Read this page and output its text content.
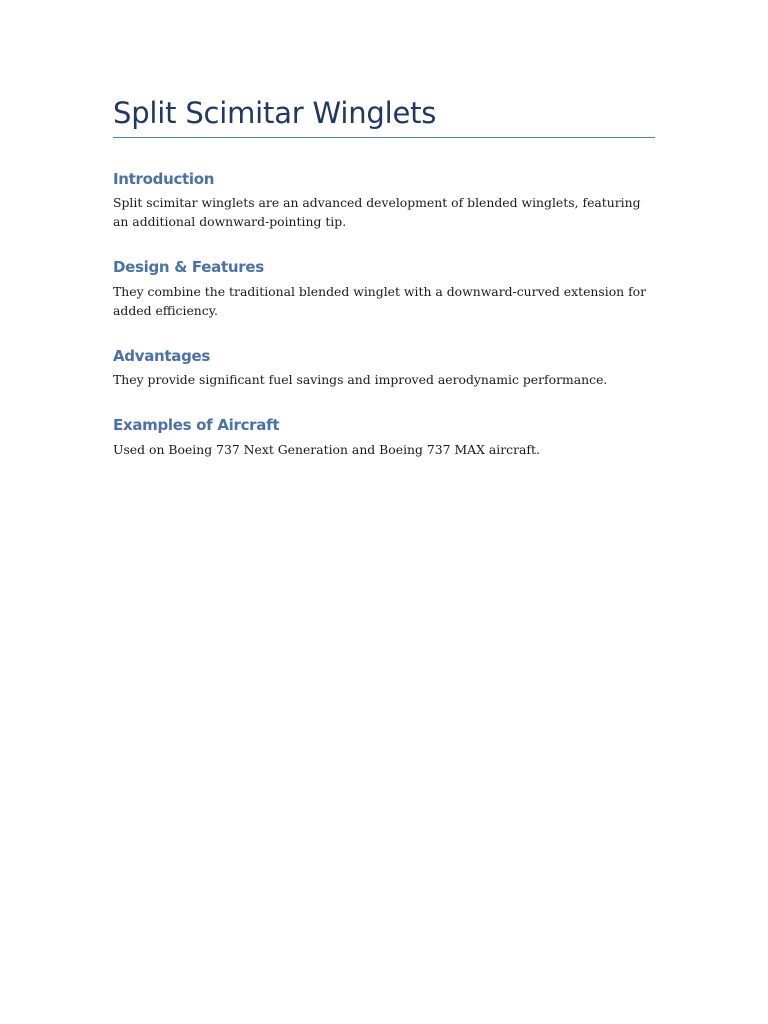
Split Scimitar Winglets
Introduction

Split scimitar winglets are an advanced development of blended winglets, featuring an additional downward-pointing tip.

Design & Features

They combine the traditional blended winglet with a downward-curved extension for added efficiency.

Advantages

They provide significant fuel savings and improved aerodynamic performance.

Examples of Aircraft

Used on Boeing 737 Next Generation and Boeing 737 MAX aircraft.
